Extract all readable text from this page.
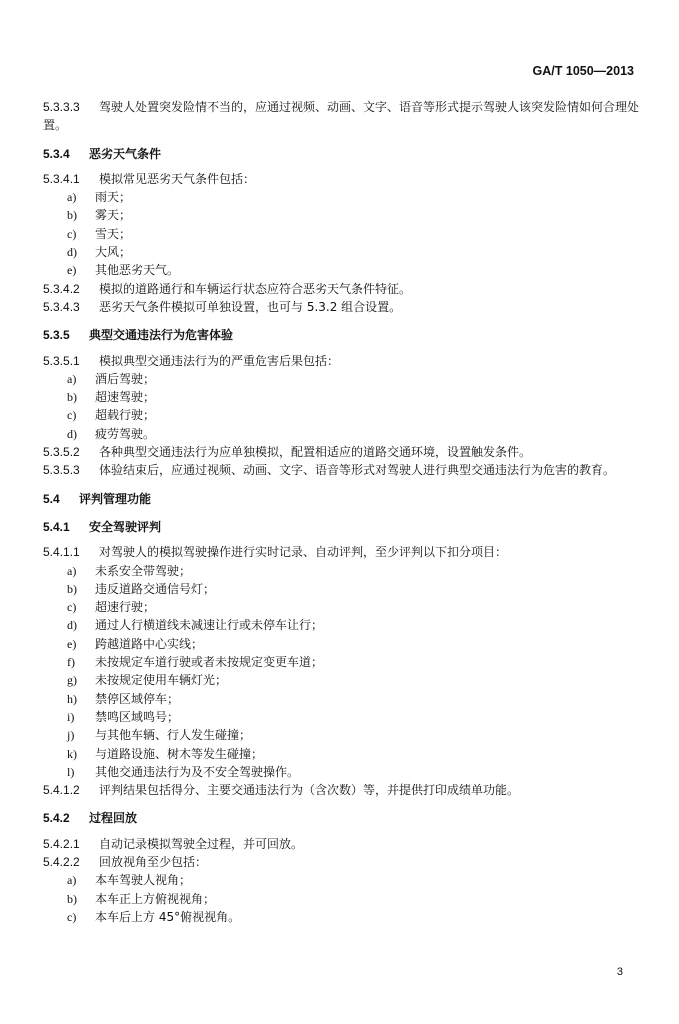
GA/T 1050—2013
5.3.3.3 驾驶人处置突发险情不当的，应通过视频、动画、文字、语音等形式提示驾驶人该突发险情如何合理处置。
5.3.4 恶劣天气条件
5.3.4.1 模拟常见恶劣天气条件包括：
a) 雨天；
b) 雾天；
c) 雪天；
d) 大风；
e) 其他恶劣天气。
5.3.4.2 模拟的道路通行和车辆运行状态应符合恶劣天气条件特征。
5.3.4.3 恶劣天气条件模拟可单独设置，也可与 5.3.2 组合设置。
5.3.5 典型交通违法行为危害体验
5.3.5.1 模拟典型交通违法行为的严重危害后果包括：
a) 酒后驾驶；
b) 超速驾驶；
c) 超载行驶；
d) 疲劳驾驶。
5.3.5.2 各种典型交通违法行为应单独模拟，配置相适应的道路交通环境，设置触发条件。
5.3.5.3 体验结束后，应通过视频、动画、文字、语音等形式对驾驶人进行典型交通违法行为危害的教育。
5.4 评判管理功能
5.4.1 安全驾驶评判
5.4.1.1 对驾驶人的模拟驾驶操作进行实时记录、自动评判，至少评判以下扣分项目：
a) 未系安全带驾驶；
b) 违反道路交通信号灯；
c) 超速行驶；
d) 通过人行横道线未减速让行或未停车让行；
e) 跨越道路中心实线；
f) 未按规定车道行驶或者未按规定变更车道；
g) 未按规定使用车辆灯光；
h) 禁停区域停车；
i) 禁鸣区域鸣号；
j) 与其他车辆、行人发生碰撞；
k) 与道路设施、树木等发生碰撞；
l) 其他交通违法行为及不安全驾驶操作。
5.4.1.2 评判结果包括得分、主要交通违法行为（含次数）等，并提供打印成绩单功能。
5.4.2 过程回放
5.4.2.1 自动记录模拟驾驶全过程，并可回放。
5.4.2.2 回放视角至少包括：
a) 本车驾驶人视角；
b) 本车正上方俯视视角；
c) 本车后上方 45°俯视视角。
3
